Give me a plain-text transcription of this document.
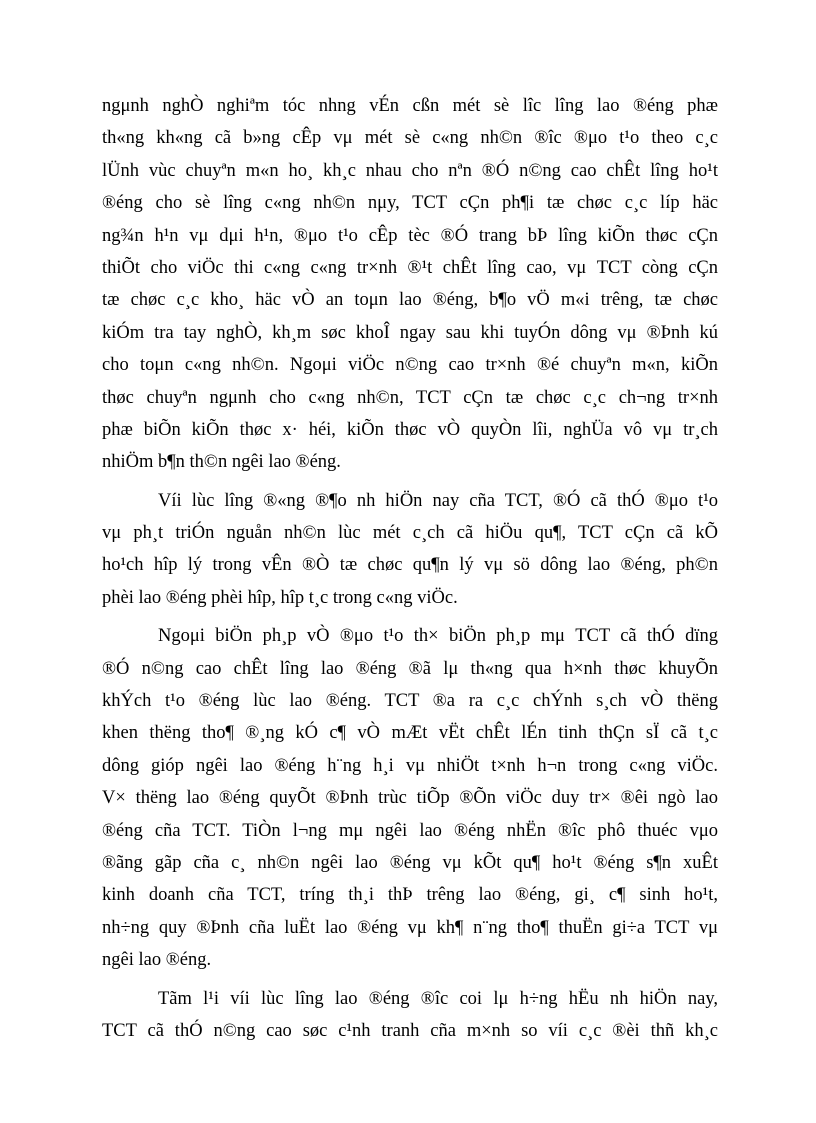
ngμnh nghÒ nghiªm tóc nhng vÉn cßn mét sè lîc lîng lao ®éng phæ
th«ng kh«ng cã b»ng cÊp vμ mét sè c«ng nh©n ®îc ®μo t¹o theo c¸c
lÜnh vùc chuyªn m«n ho¸ kh¸c nhau cho nªn ®Ó n©ng cao chÊt lîng ho¹t
®éng cho sè lîng c«ng nh©n nμy, TCT cÇn ph¶i tæ chøc c¸c líp häc
ng¾n h¹n vμ dμi h¹n, ®μo t¹o cÊp tèc ®Ó trang bÞ lîng kiÕn thøc cÇn
thiÕt cho viÖc thi c«ng c«ng tr×nh ®¹t chÊt lîng cao, vμ TCT còng cÇn
tæ chøc c¸c kho¸ häc vÒ an toμn lao ®éng, b¶o vÖ m«i trêng, tæ chøc
kiÓm tra tay nghÒ, kh¸m søc khoÎ ngay sau khi tuyÓn dông vμ ®Þnh kú
cho toμn c«ng nh©n. Ngoμi viÖc n©ng cao tr×nh ®é chuyªn m«n, kiÕn
thøc chuyªn ngμnh cho c«ng nh©n, TCT cÇn tæ chøc c¸c ch¬ng tr×nh
phæ biÕn kiÕn thøc x· héi, kiÕn thøc vÒ quyÒn lîi, nghÜa vô vμ tr¸ch
nhiÖm b¶n th©n ngêi lao ®éng.
Víi lùc lîng ®«ng ®¶o nh hiÖn nay cña TCT, ®Ó cã thÓ ®μo t¹o
vμ ph¸t triÓn nguån nh©n lùc mét c¸ch cã hiÖu qu¶, TCT cÇn cã kÕ
ho¹ch hîp lý trong vÊn ®Ò tæ chøc qu¶n lý vμ sö dông lao ®éng, ph©n
phèi lao ®éng phèi hîp, hîp t¸c trong c«ng viÖc.
Ngoμi biÖn ph¸p vÒ ®μo t¹o th× biÖn ph¸p mμ TCT cã thÓ dïng
®Ó n©ng cao chÊt lîng lao ®éng ®ã lμ th«ng qua h×nh thøc khuyÕn
khÝch t¹o ®éng lùc lao ®éng. TCT ®a ra c¸c chÝnh s¸ch vÒ thëng
khen thëng tho¶ ®¸ng kÓ c¶ vÒ mÆt vËt chÊt lÉn tinh thÇn sÏ cã t¸c
dông gióp ngêi lao ®éng h¨ng h¸i vμ nhiÖt t×nh h¬n trong c«ng viÖc.
V× thëng lao ®éng quyÕt ®Þnh trùc tiÕp ®Õn viÖc duy tr× ®êi ngò lao
®éng cña TCT. TiÒn l¬ng mμ ngêi lao ®éng nhËn ®îc phô thuéc vμo
®ãng gãp cña c¸ nh©n ngêi lao ®éng vμ kÕt qu¶ ho¹t ®éng s¶n xuÊt
kinh doanh cña TCT, tríng th¸i thÞ trêng lao ®éng, gi¸ c¶ sinh ho¹t,
nh÷ng quy ®Þnh cña luËt lao ®éng vμ kh¶ n¨ng tho¶ thuËn gi÷a TCT vμ
ngêi lao ®éng.
Tãm l¹i víi lùc lîng lao ®éng ®îc coi lμ h÷ng hËu nh hiÖn nay,
TCT cã thÓ n©ng cao søc c¹nh tranh cña m×nh so víi c¸c ®èi thñ kh¸c
